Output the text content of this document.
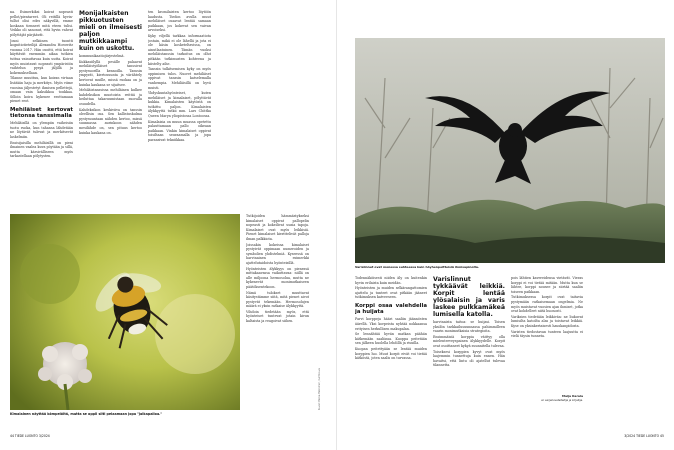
na. Esimerkiksi koirat nopeasti pellot/pientareet. Oli reitillä hyvin-tullut olisi edes näkyvillä, emme koskaan tienneet mitä eteen tulisi. Veikko oli sanonut, että hyvin vahvat pölyttäjät pärjäävät.

Jouni selkiinen tuontti kognitiotieteilijä Alexandra Horowitz vuonna 2017. Hän osoitti, että koirat käyttävät enemmän aikaa tutkien tuttua vainuttavaa kuin uutta. Koirat myös muistavat nopeasti ympäristön vaihtelun pysyä jäljillä ja kokemuksellaan.

Tilanne muuttuu, kun koiran virtaan lisätään haju ja merkitys. Myös viime vuosina jäljestetyt ihmisen pellettejä, omaan vain kaksikkoa toukkaa. Silloin koira kykenee erottamaan pienet erot.

Mehiläiset kertovat tietonsa tanssimalla

Mehiläisillä on ylempiin vaiheisiin tuotu ruoka, kun tahansa lähdetään ne löytävät tulevat ja merkitsevät laskelmiin.

Ensisijaisilla mehiläisillä on pieni ilmainen vaalea kuva pöytään ja sillä, mutta kärsivälliseen myös tarkastellaan pölytysten.

Monijalkaisten pikkuotusten mieli on ilmeisesti paljon mutkikkaampi kuin on uskottu.

kommunikaatiojärjestelmä.

Kukkasiilyllä pesälle palaavat mehiläistyöläiset tanssivat pystysuorilla kennoilla. Tanssin ympyrät, kiertosuunta ja värähtely kertovat muille, missä ruokaa on ja kuinka kaukana se sijaitsee.

Mehiläistanssissa mehiläinen kulkee kahdeksikon muotoista reittiä ja heiluttaa takaruumistaan suoralla osuudella.

Kahdeksikon keskiviiva on tanssin oleellisin osa. Sen kallistuskulma pystysuuntaan nähden kertoo, missä suunnassa aurinkoon nähden mesilähde on, sen pituus kertoo kuinka kaukana on.

ten kromilaisten kertoo löytöön laadusta. Tiedon avulla muut mehiläiset osaavat lentää samaan paikkaan, jos kokevat sen vaivan arvoiseksi.

Kyky viljellä tarkkaa informaatiota jostain, mikä ei ole lähellä ja jota ei ole käsin kosketeltavissa, on ainutlaatuinen. Tämän vuoksi mehiläistanssin tarkoitus on ollut pitkään tutkimusten kohteena ja kiistelty aihe.

Tanssin tulkitsemisen kyky on myös oppimisen tulos. Nuoret mehiläiset oppivat tanssin katselemalla vanhempia. Mehiläisillä on hyvä muisti.

Yhdyskuntahyönteiset, kuten mehiläiset ja kimalaiset, pölyttävät kukkia. Kimalaisten käytöstä on tutkittu paljon. Kimalaisten älykkyyttä tutkii mm. Lars Chittka Queen Maryn yliopistossa Lontoossa.

Kimalaisia on muun muassa opetettu palauttamaan pallo oikeaan paikkaan. Vinkin kimalaiset oppivat toisiltaan seuraamalla ja jopa paransivat tekniikkaa.

Kimalainen näyttää kömpelöltä, mutta se oppii silti pelaamaan jopa "jalkapalloa."

Tutkijoiden hämmästykseksi kimalaiset oppivat pallopelin nopeasti ja kokeilivat uusia tapoja. Kimalaiset ovat myös leikkisiä. Pienet kimalaiset kierittelivät palloja ilman palkkiota.

Joissakin kokeissa kimalaiset pystyivät oppimaan numeroiden ja symbolien yhdistelmiä. Kyseessä on harvinainen esimerkki ajattelutaidoista hyönteisillä.

Hyönteisten älykkyys on pienessä mittakaavassa vaikuttavaa: niillä on alle miljoona hermosolua, mutta ne kykenevät monimutkaiseen päätöksentekoon.

Nämä tulokset muuttavat käsitystämme siitä, mitä pienet aivot pystyvät tekemään. Hermosolujen määrä ei yksin ratkaise älykkyyttä.

Vihdoin tiedetään myös, että hyönteiset tuntevat jotain kivun kaltaista ja reagoivat siihen.

Kuvat: Pekka Heikkinen / Lehtikuva
44 TIEDE LUONTO 3/2024
Varislinnut ovat monessa suhteessa kuin höyhenpeitteisiä ihmisapinoita.

Todennäköisesti niiden äly on kuitenkin hyvin erilaista kuin meidän.

Hyönteisten ja muiden selkärangattomien ajattelu ja tunteet ovat pitkään jääneet tutkimuksen katveeseen.

Korppi osaa valehdella ja huijata

Parvi korppeja hääri saaliin jäännösten äärellä. Yksi korpeista nyhtää nokkaansa erityisen herkullisen makupalan.

Se lennähtää hyvän matkan päähän kätkemään saaliinsa. Kuoppa peitetään sen jälkeen huolella lehdillä ja risuilla.

Kuopan peitettyään se lentää muiden korppien luo. Muut korpit eivät voi tietää kätköstä, joten saalis on turvassa.

Varislinnut tykkäävät leikkiä. Korpit lentää ylösalaisin ja varis laskee pulkkamäkeä lumisella katolla.

harvinaista taitoa: se huijasi. Toisen yksilön tarkkailusuunnassa pahimmilleen vaarin monimutkaisia strategioita.

Ensimmäisiä korppia väittyy olla mielenterveyspainen älykkyydelle. Korpit ovat osoittaneet kykyä suunnitella tulevaa.

Toiseksesi korppien kyvyt ovat myös laajemmin tunnettuja kuin ennen. Hän havaitsi, että lintu oli ajatellut tulevaa tilannetta.

pois lähtien kavereidensa vietävät. Vieras korppi ei voi tietää mitään. Mutta kun se lähtee, korppi nousee ja siirtää saaliin toiseen paikkaan.

Tutkimuksessa korpit ovat taitavia pystymään ratkaisemaan ongelmia. Ne myös muistavat vuosien ajan ihmiset, jotka ovat kohdelleet niitä huonosti.

Variksien tiedetään leikkivän: ne liukuvat lumisilta katoilta alas ja toistavat leikkiä. Kyse on yksinkertaisesti hauskanpidosta.

Varisten tiedostavan tunteen laajuutta ei vielä täysin tunneta.

Maija Karala
on sarjakuvataiteilija ja kirjailija.
3/2024 TIEDE LUONTO 45
